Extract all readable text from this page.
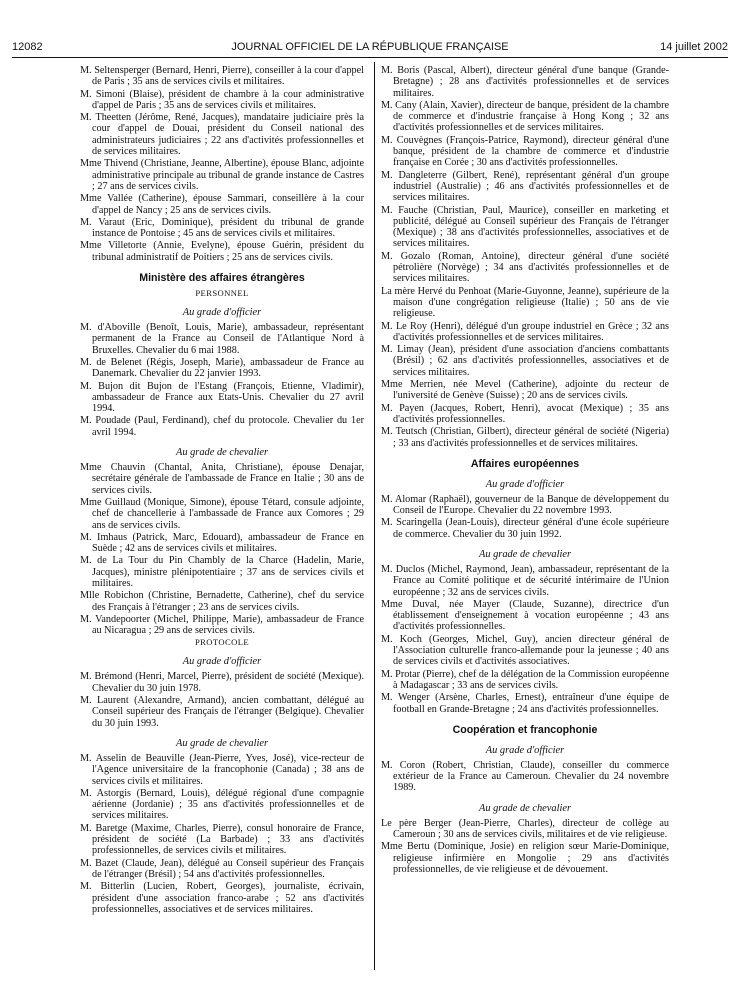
12082	JOURNAL OFFICIEL DE LA RÉPUBLIQUE FRANÇAISE	14 juillet 2002
M. Seltensperger (Bernard, Henri, Pierre), conseiller à la cour d'appel de Paris ; 35 ans de services civils et militaires.
M. Simoni (Blaise), président de chambre à la cour administrative d'appel de Paris ; 35 ans de services civils et militaires.
M. Theetten (Jérôme, René, Jacques), mandataire judiciaire près la cour d'appel de Douai, président du Conseil national des administrateurs judiciaires ; 22 ans d'activités professionnelles et de services militaires.
Mme Thivend (Christiane, Jeanne, Albertine), épouse Blanc, adjointe administrative principale au tribunal de grande instance de Castres ; 27 ans de services civils.
Mme Vallée (Catherine), épouse Sammari, conseillère à la cour d'appel de Nancy ; 25 ans de services civils.
M. Varaut (Eric, Dominique), président du tribunal de grande instance de Pontoise ; 45 ans de services civils et militaires.
Mme Villetorte (Annie, Evelyne), épouse Guérin, président du tribunal administratif de Poitiers ; 25 ans de services civils.
Ministère des affaires étrangères
PERSONNEL
Au grade d'officier
M. d'Aboville (Benoît, Louis, Marie), ambassadeur, représentant permanent de la France au Conseil de l'Atlantique Nord à Bruxelles. Chevalier du 6 mai 1988.
M. de Belenet (Régis, Joseph, Marie), ambassadeur de France au Danemark. Chevalier du 22 janvier 1993.
M. Bujon dit Bujon de l'Estang (François, Etienne, Vladimir), ambassadeur de France aux Etats-Unis. Chevalier du 27 avril 1994.
M. Poudade (Paul, Ferdinand), chef du protocole. Chevalier du 1er avril 1994.
Au grade de chevalier
Mme Chauvin (Chantal, Anita, Christiane), épouse Denajar, secrétaire générale de l'ambassade de France en Italie ; 30 ans de services civils.
Mme Guillaud (Monique, Simone), épouse Tétard, consule adjointe, chef de chancellerie à l'ambassade de France aux Comores ; 29 ans de services civils.
M. Imhaus (Patrick, Marc, Edouard), ambassadeur de France en Suède ; 42 ans de services civils et militaires.
M. de La Tour du Pin Chambly de la Charce (Hadelin, Marie, Jacques), ministre plénipotentiaire ; 37 ans de services civils et militaires.
Mlle Robichon (Christine, Bernadette, Catherine), chef du service des Français à l'étranger ; 23 ans de services civils.
M. Vandepoorter (Michel, Philippe, Marie), ambassadeur de France au Nicaragua ; 29 ans de services civils.
PROTOCOLE
Au grade d'officier
M. Brémond (Henri, Marcel, Pierre), président de société (Mexique). Chevalier du 30 juin 1978.
M. Laurent (Alexandre, Armand), ancien combattant, délégué au Conseil supérieur des Français de l'étranger (Belgique). Chevalier du 30 juin 1993.
Au grade de chevalier
M. Asselin de Beauville (Jean-Pierre, Yves, José), vice-recteur de l'Agence universitaire de la francophonie (Canada) ; 38 ans de services civils et militaires.
M. Astorgis (Bernard, Louis), délégué régional d'une compagnie aérienne (Jordanie) ; 35 ans d'activités professionnelles et de services militaires.
M. Baretge (Maxime, Charles, Pierre), consul honoraire de France, président de société (La Barbade) ; 33 ans d'activités professionnelles, de services civils et militaires.
M. Bazet (Claude, Jean), délégué au Conseil supérieur des Français de l'étranger (Brésil) ; 54 ans d'activités professionnelles.
M. Bitterlin (Lucien, Robert, Georges), journaliste, écrivain, président d'une association franco-arabe ; 52 ans d'activités professionnelles, associatives et de services militaires.
M. Boris (Pascal, Albert), directeur général d'une banque (Grande-Bretagne) ; 28 ans d'activités professionnelles et de services militaires.
M. Cany (Alain, Xavier), directeur de banque, président de la chambre de commerce et d'industrie française à Hong Kong ; 32 ans d'activités professionnelles et de services militaires.
M. Couvègnes (François-Patrice, Raymond), directeur général d'une banque, président de la chambre de commerce et d'industrie française en Corée ; 30 ans d'activités professionnelles.
M. Dangleterre (Gilbert, René), représentant général d'un groupe industriel (Australie) ; 46 ans d'activités professionnelles et de services militaires.
M. Fauche (Christian, Paul, Maurice), conseiller en marketing et publicité, délégué au Conseil supérieur des Français de l'étranger (Mexique) ; 38 ans d'activités professionnelles, associatives et de services militaires.
M. Gozalo (Roman, Antoine), directeur général d'une société pétrolière (Norvège) ; 34 ans d'activités professionnelles et de services militaires.
La mère Hervé du Penhoat (Marie-Guyonne, Jeanne), supérieure de la maison d'une congrégation religieuse (Italie) ; 50 ans de vie religieuse.
M. Le Roy (Henri), délégué d'un groupe industriel en Grèce ; 32 ans d'activités professionnelles et de services militaires.
M. Limay (Jean), président d'une association d'anciens combattants (Brésil) ; 62 ans d'activités professionnelles, associatives et de services militaires.
Mme Merrien, née Mevel (Catherine), adjointe du recteur de l'université de Genève (Suisse) ; 20 ans de services civils.
M. Payen (Jacques, Robert, Henri), avocat (Mexique) ; 35 ans d'activités professionnelles.
M. Teutsch (Christian, Gilbert), directeur général de société (Nigeria) ; 33 ans d'activités professionnelles et de services militaires.
Affaires européennes
Au grade d'officier
M. Alomar (Raphaël), gouverneur de la Banque de développement du Conseil de l'Europe. Chevalier du 22 novembre 1993.
M. Scaringella (Jean-Louis), directeur général d'une école supérieure de commerce. Chevalier du 30 juin 1992.
Au grade de chevalier
M. Duclos (Michel, Raymond, Jean), ambassadeur, représentant de la France au Comité politique et de sécurité intérimaire de l'Union européenne ; 32 ans de services civils.
Mme Duval, née Mayer (Claude, Suzanne), directrice d'un établissement d'enseignement à vocation européenne ; 43 ans d'activités professionnelles.
M. Koch (Georges, Michel, Guy), ancien directeur général de l'Association culturelle franco-allemande pour la jeunesse ; 40 ans de services civils et d'activités associatives.
M. Protar (Pierre), chef de la délégation de la Commission européenne à Madagascar ; 33 ans de services civils.
M. Wenger (Arsène, Charles, Ernest), entraîneur d'une équipe de football en Grande-Bretagne ; 24 ans d'activités professionnelles.
Coopération et francophonie
Au grade d'officier
M. Coron (Robert, Christian, Claude), conseiller du commerce extérieur de la France au Cameroun. Chevalier du 24 novembre 1989.
Au grade de chevalier
Le père Berger (Jean-Pierre, Charles), directeur de collège au Cameroun ; 30 ans de services civils, militaires et de vie religieuse.
Mme Bertu (Dominique, Josie) en religion sœur Marie-Dominique, religieuse infirmière en Mongolie ; 29 ans d'activités professionnelles, de vie religieuse et de dévouement.
